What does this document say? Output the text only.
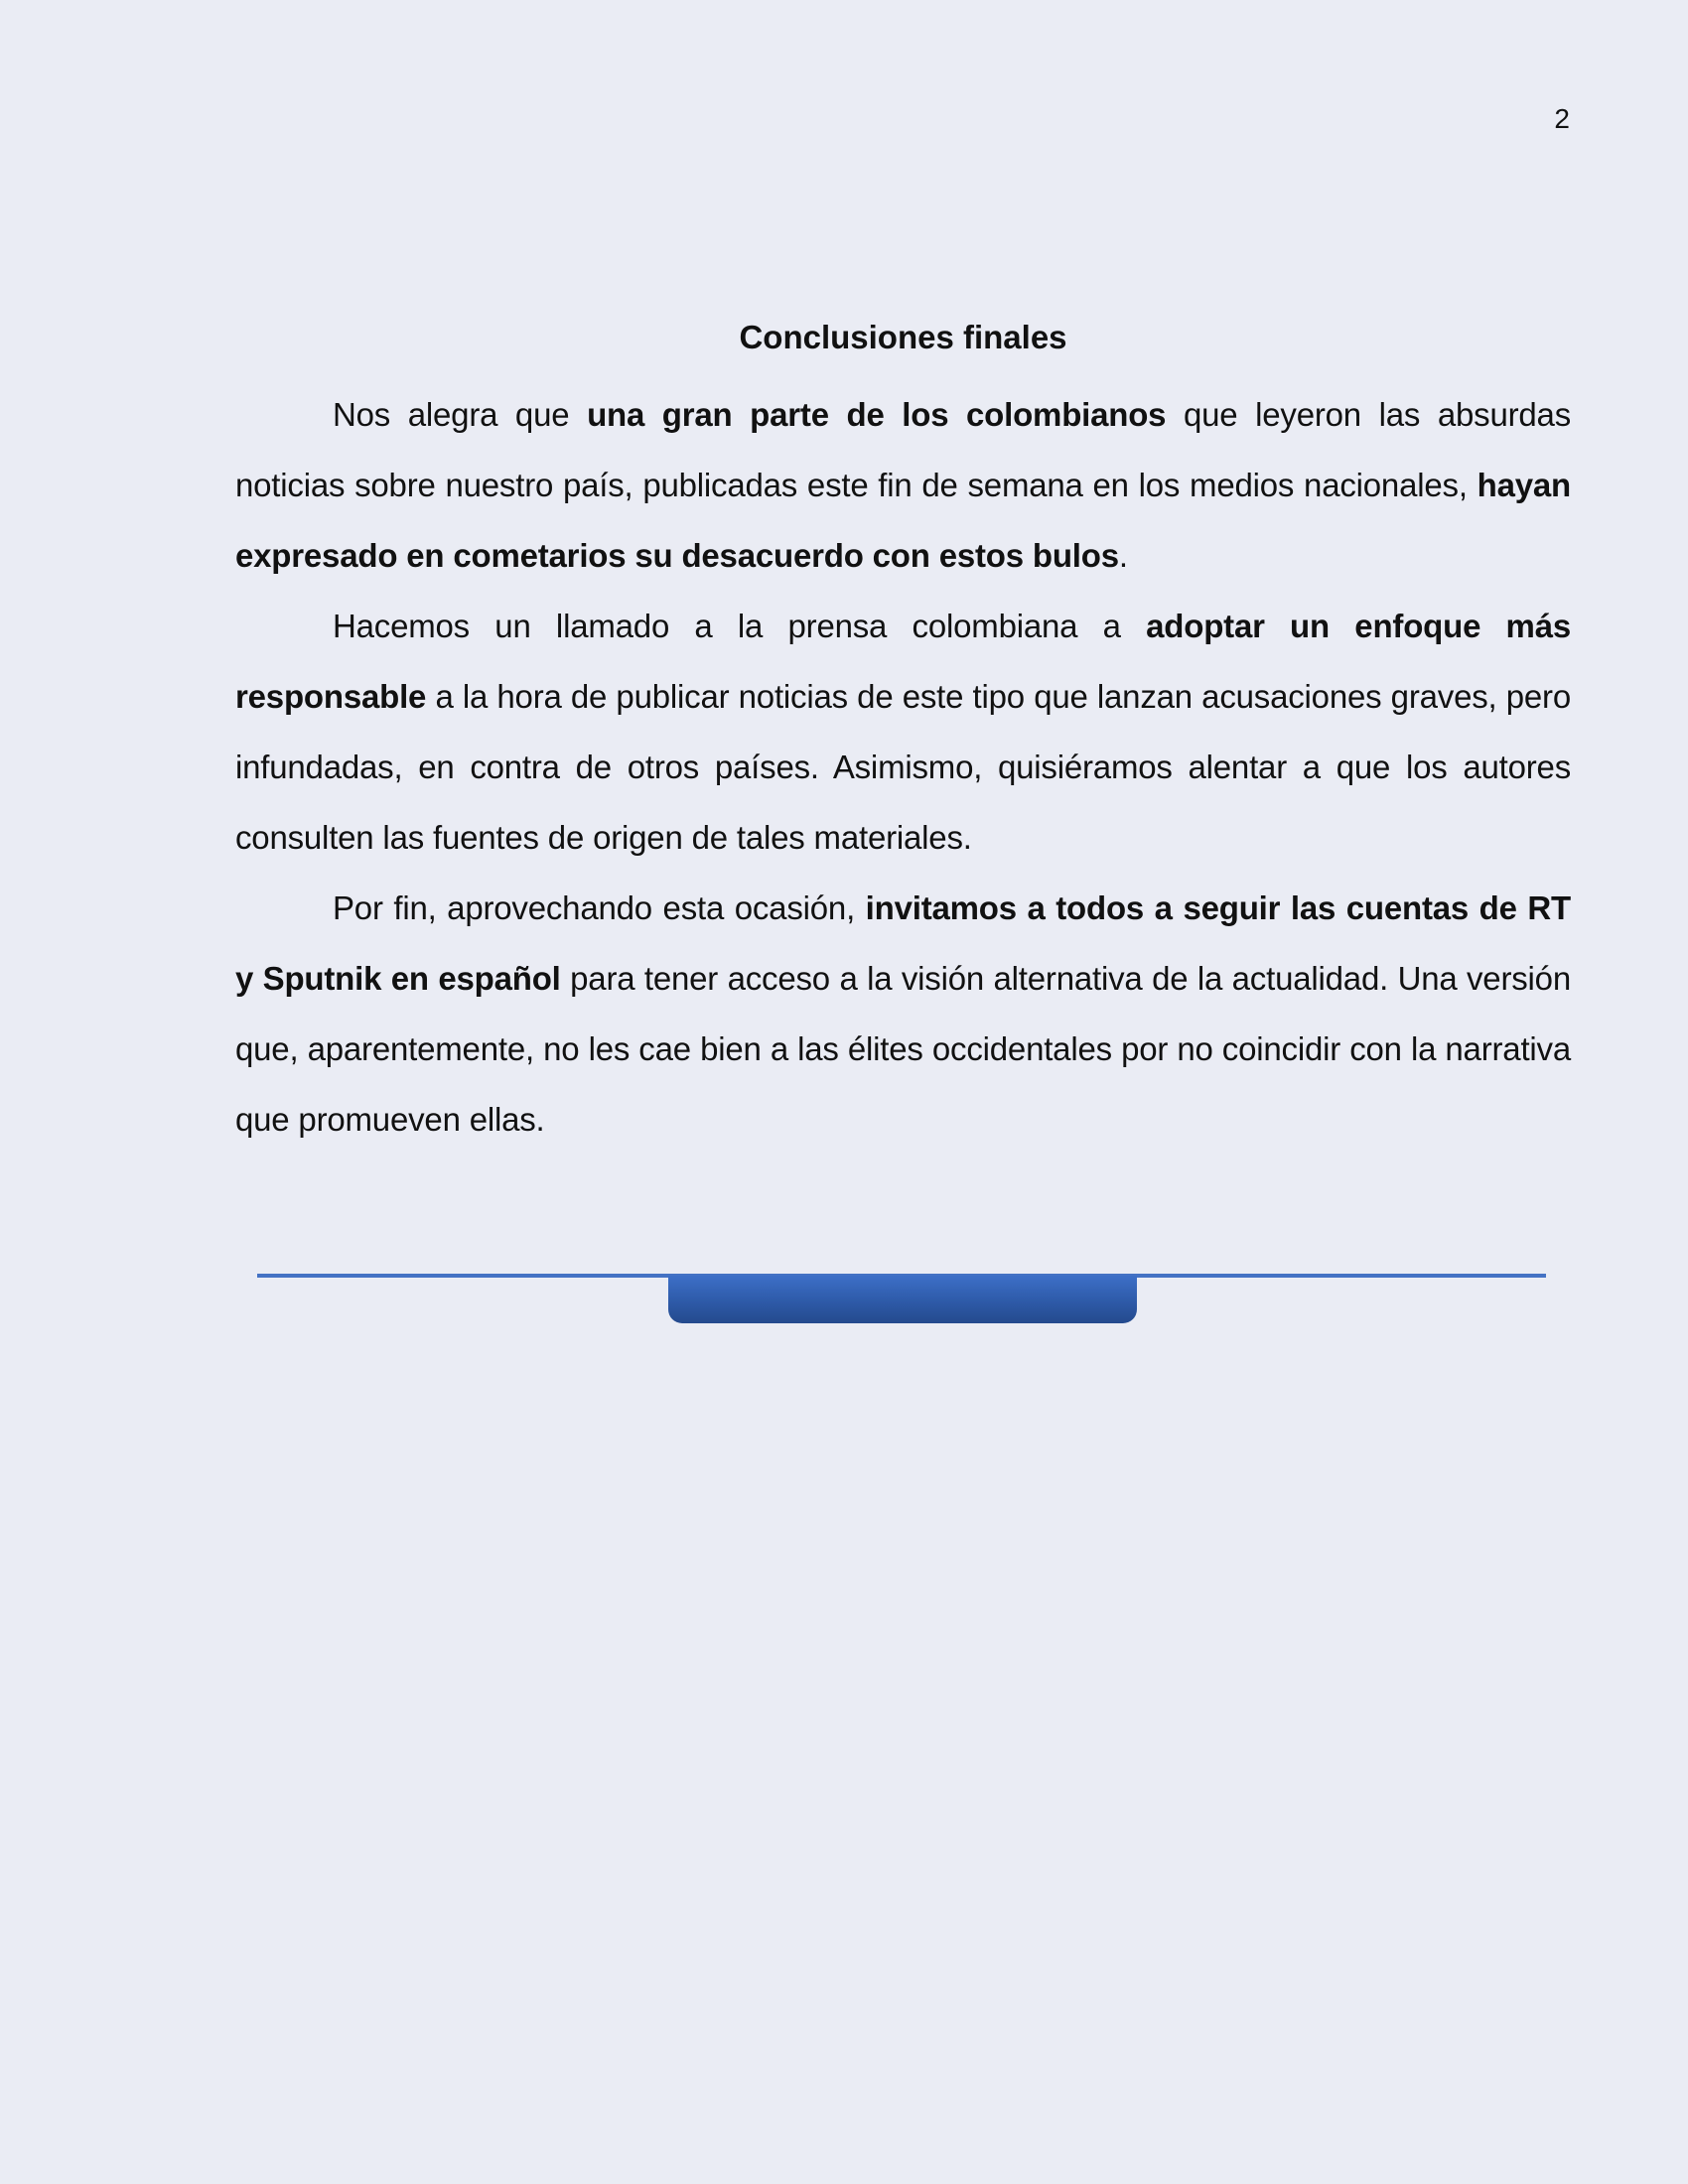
2
Conclusiones finales

Nos alegra que una gran parte de los colombianos que leyeron las absurdas noticias sobre nuestro país, publicadas este fin de semana en los medios nacionales, hayan expresado en cometarios su desacuerdo con estos bulos.

Hacemos un llamado a la prensa colombiana a adoptar un enfoque más responsable a la hora de publicar noticias de este tipo que lanzan acusaciones graves, pero infundadas, en contra de otros países. Asimismo, quisiéramos alentar a que los autores consulten las fuentes de origen de tales materiales.

Por fin, aprovechando esta ocasión, invitamos a todos a seguir las cuentas de RT y Sputnik en español para tener acceso a la visión alternativa de la actualidad. Una versión que, aparentemente, no les cae bien a las élites occidentales por no coincidir con la narrativa que promueven ellas.
